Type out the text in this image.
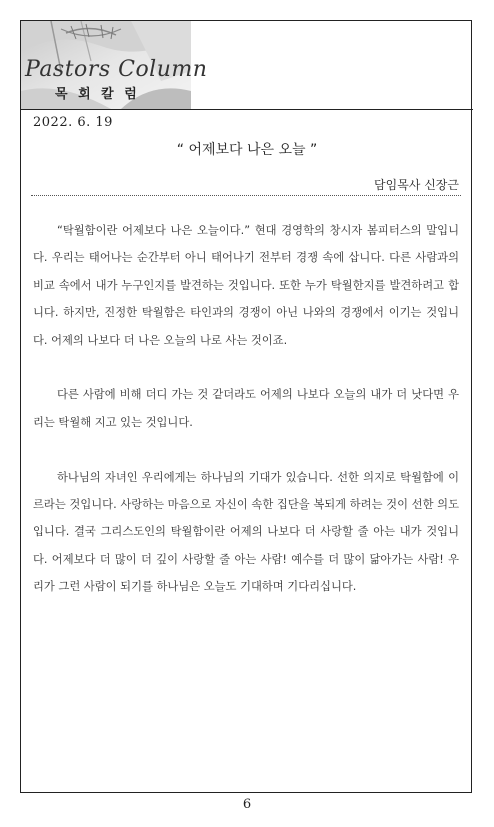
Pastors Column
목 회 칼 럼
2022. 6. 19
“ 어제보다 나은 오늘 ”
담임목사 신장근

“탁월함이란 어제보다 나은 오늘이다.” 현대 경영학의 창시자 봄피터스의 말입니다. 우리는 태어나는 순간부터 아니 태어나기 전부터 경쟁 속에 삽니다. 다른 사람과의 비교 속에서 내가 누구인지를 발견하는 것입니다. 또한 누가 탁월한지를 발견하려고 합니다. 하지만, 진정한 탁월함은 타인과의 경쟁이 아닌 나와의 경쟁에서 이기는 것입니다. 어제의 나보다 더 나은 오늘의 나로 사는 것이죠.

다른 사람에 비해 더디 가는 것 같더라도 어제의 나보다 오늘의 내가 더 낫다면 우리는 탁월해 지고 있는 것입니다.

하나님의 자녀인 우리에게는 하나님의 기대가 있습니다. 선한 의지로 탁월함에 이르라는 것입니다. 사랑하는 마음으로 자신이 속한 집단을 복되게 하려는 것이 선한 의도입니다. 결국 그리스도인의 탁월함이란 어제의 나보다 더 사랑할 줄 아는 내가 것입니다. 어제보다 더 많이 더 깊이 사랑할 줄 아는 사람! 예수를 더 많이 닮아가는 사람! 우리가 그런 사람이 되기를 하나님은 오늘도 기대하며 기다리십니다.

6
